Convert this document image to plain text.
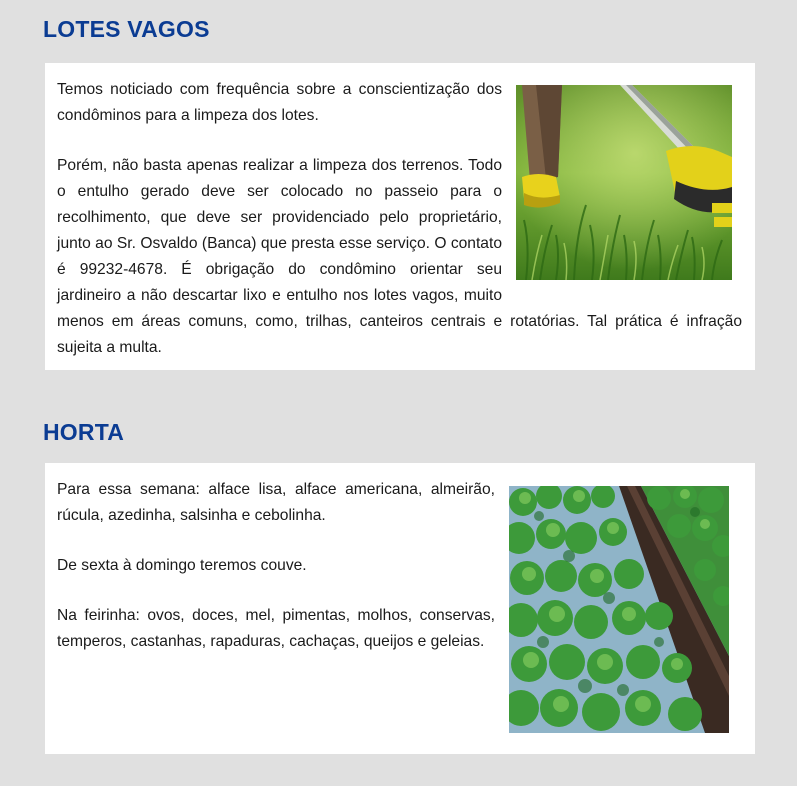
LOTES VAGOS

Temos noticiado com frequência sobre a conscientização dos condôminos para a limpeza dos lotes.

Porém, não basta apenas realizar a limpeza dos terrenos. Todo o entulho gerado deve ser colocado no passeio para o recolhimento, que deve ser providenciado pelo proprietário, junto ao Sr. Osvaldo (Banca) que presta esse serviço. O contato é 99232-4678. É obrigação do condômino orientar seu jardineiro a não descartar lixo e entulho nos lotes vagos, muito menos em áreas comuns, como, trilhas, canteiros centrais e rotatórias. Tal prática é infração sujeita a multa.

HORTA

Para essa semana: alface lisa, alface americana, almeirão, rúcula, azedinha, salsinha e cebolinha.

De sexta à domingo teremos couve.

Na feirinha: ovos, doces, mel, pimentas, molhos, conservas, temperos, castanhas, rapaduras, cachaças, queijos e geleias.
